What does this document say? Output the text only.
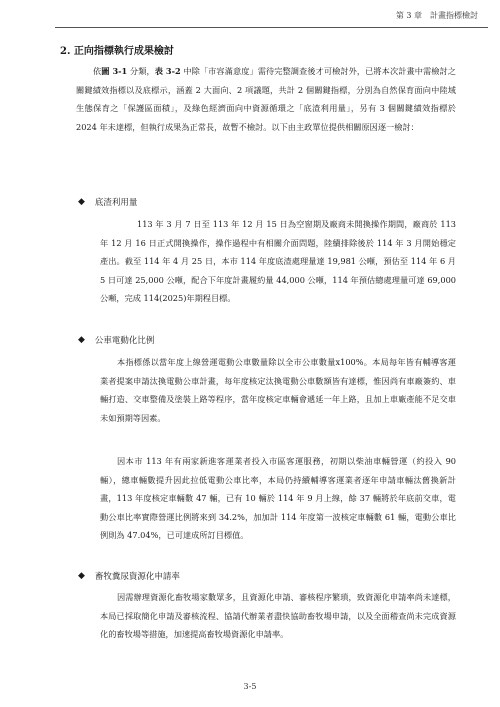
第 3 章　計畫指標檢討
2. 正向指標執行成果檢討
依圖 3-1 分類，表 3-2 中除「市容滿意度」需待完整調查後才可檢討外，已將本次計畫中需檢討之關鍵績效指標以及底標示，涵蓋 2 大面向、2 項議題，共計 2 個關鍵指標，分別為自然保育面向中陸域生態保育之「保護區面積」，及綠色經濟面向中資源循環之「底渣利用量」，另有 3 個關鍵績效指標於 2024 年未達標，但執行成果為正常長，故暫不檢討。以下由主政單位提供相關原因逐一檢討：
◆ 底渣利用量
113 年 3 月 7 日至 113 年 12 月 15 日為空窗期及廠商未開換操作期間，廠商於 113 年 12 月 16 日正式開換操作，操作過程中有相關介面問題，陸續排除後於 114 年 3 月開始穩定產出。截至 114 年 4 月 25 日，本市 114 年度底渣處理量達 19,981 公噸，預估至 114 年 6 月 5 日可達 25,000 公噸，配合下年度計畫履約量 44,000 公噸，114 年預估總處理量可達 69,000 公噸，完成 114(2025)年期程目標。
◆ 公車電動化比例
本指標係以當年度上線營運電動公車數量除以全市公車數量x100%。本局每年皆有輔導客運業者提案申請汰換電動公車計畫，每年度核定汰換電動公車數額皆有達標，惟因尚有車廠簽約、車輛打造、交車整備及塗裝上路等程序，當年度核定車輛會遞延一年上路，且加上車廠產能不足交車未如預期等因素。
因本市 113 年有兩家新進客運業者投入市區客運服務，初期以柴油車輛營運（約投入 90 輛），總車輛數提升因此拉低電動公車比率，本局仍持續輔導客運業者逐年申請車輛汰舊換新計畫，113 年度核定車輛數 47 輛，已有 10 輛於 114 年 9 月上線，餘 37 輛將於年底前交車，電動公車比率實際營運比例將來到 34.2%，加加計 114 年度第一波核定車輛數 61 輛，電動公車比例則為 47.04%，已可達成所訂目標值。
◆ 畜牧糞尿資源化申請率
因需辦理資源化畜牧場家數眾多，且資源化申請、審核程序繁瑣，致資源化申請率尚未達標，本局已採取簡化申請及審核流程、協請代辦業者盡快協助畜牧場申請，以及全面稽查尚未完成資源化的畜牧場等措施，加速提高畜牧場資源化申請率。
3-5
